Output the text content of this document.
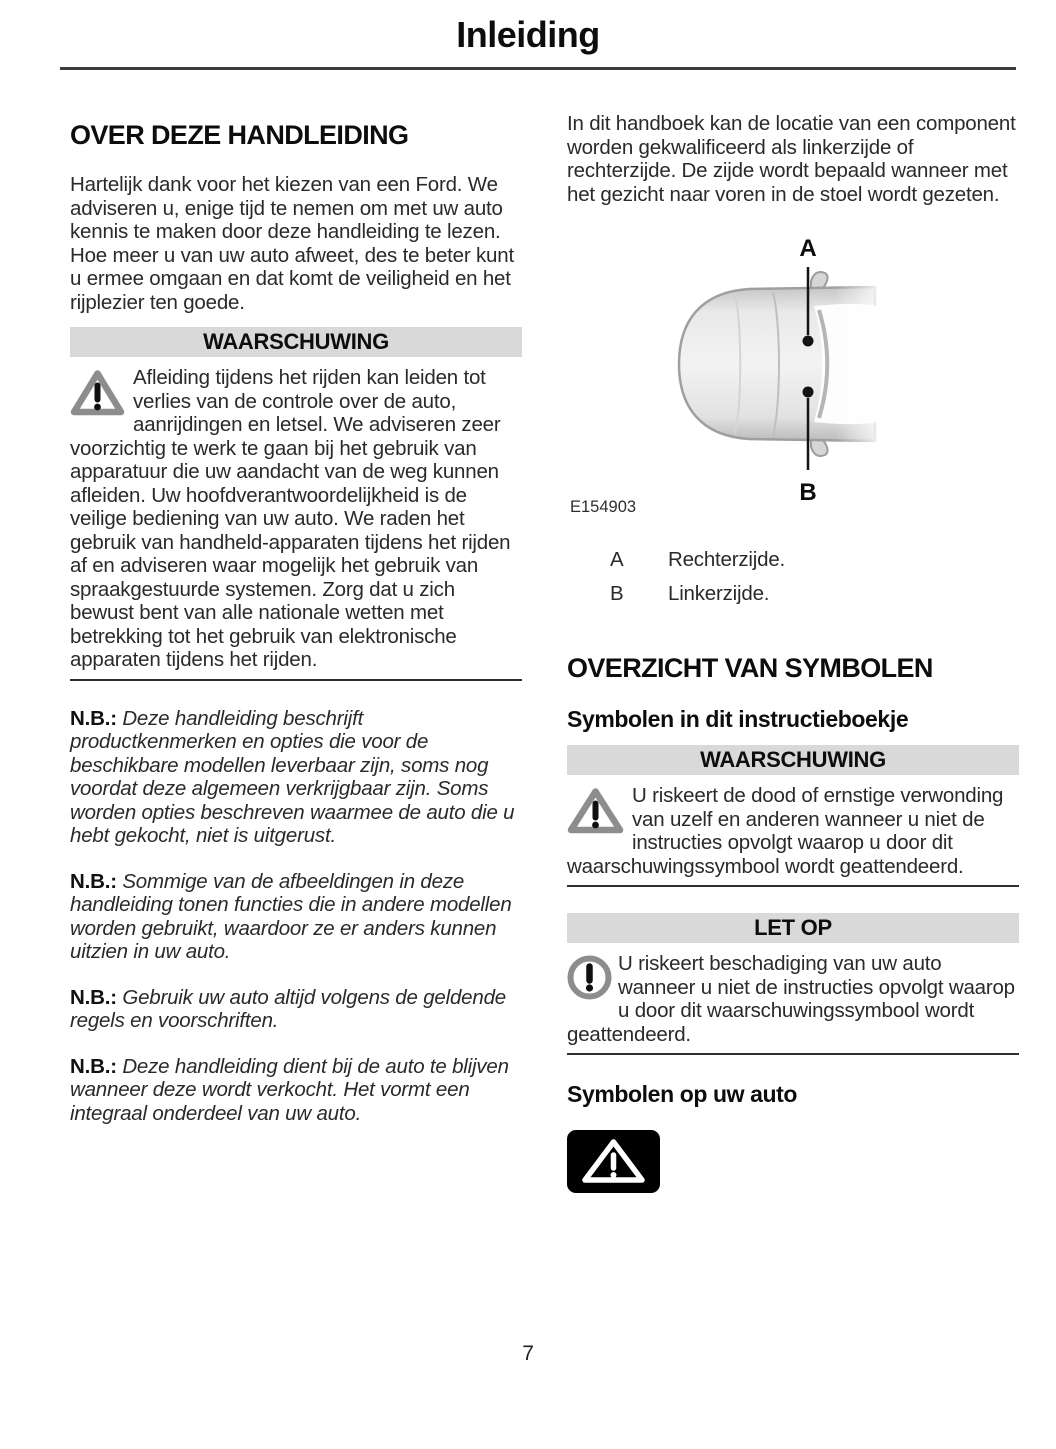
Inleiding
OVER DEZE HANDLEIDING

Hartelijk dank voor het kiezen van een Ford. We adviseren u, enige tijd te nemen om met uw auto kennis te maken door deze handleiding te lezen. Hoe meer u van uw auto afweet, des te beter kunt u ermee omgaan en dat komt de veiligheid en het rijplezier ten goede.

WAARSCHUWING

Afleiding tijdens het rijden kan leiden tot verlies van de controle over de auto, aanrijdingen en letsel. We adviseren zeer voorzichtig te werk te gaan bij het gebruik van apparatuur die uw aandacht van de weg kunnen afleiden. Uw hoofdverantwoordelijkheid is de veilige bediening van uw auto. We raden het gebruik van handheld-apparaten tijdens het rijden af en adviseren waar mogelijk het gebruik van spraakgestuurde systemen. Zorg dat u zich bewust bent van alle nationale wetten met betrekking tot het gebruik van elektronische apparaten tijdens het rijden.

N.B.: Deze handleiding beschrijft productkenmerken en opties die voor de beschikbare modellen leverbaar zijn, soms nog voordat deze algemeen verkrijgbaar zijn. Soms worden opties beschreven waarmee de auto die u hebt gekocht, niet is uitgerust.

N.B.: Sommige van de afbeeldingen in deze handleiding tonen functies die in andere modellen worden gebruikt, waardoor ze er anders kunnen uitzien in uw auto.

N.B.: Gebruik uw auto altijd volgens de geldende regels en voorschriften.

N.B.: Deze handleiding dient bij de auto te blijven wanneer deze wordt verkocht. Het vormt een integraal onderdeel van uw auto.

In dit handboek kan de locatie van een component worden gekwalificeerd als linkerzijde of rechterzijde. De zijde wordt bepaald wanneer met het gezicht naar voren in de stoel wordt gezeten.

A
B
E154903
A	Rechterzijde.
B	Linkerzijde.
OVERZICHT VAN SYMBOLEN
Symbolen in dit instructieboekje
WAARSCHUWING

U riskeert de dood of ernstige verwonding van uzelf en anderen wanneer u niet de instructies opvolgt waarop u door dit waarschuwingssymbool wordt geattendeerd.

LET OP

U riskeert beschadiging van uw auto wanneer u niet de instructies opvolgt waarop u door dit waarschuwingssymbool wordt geattendeerd.

Symbolen op uw auto
7
